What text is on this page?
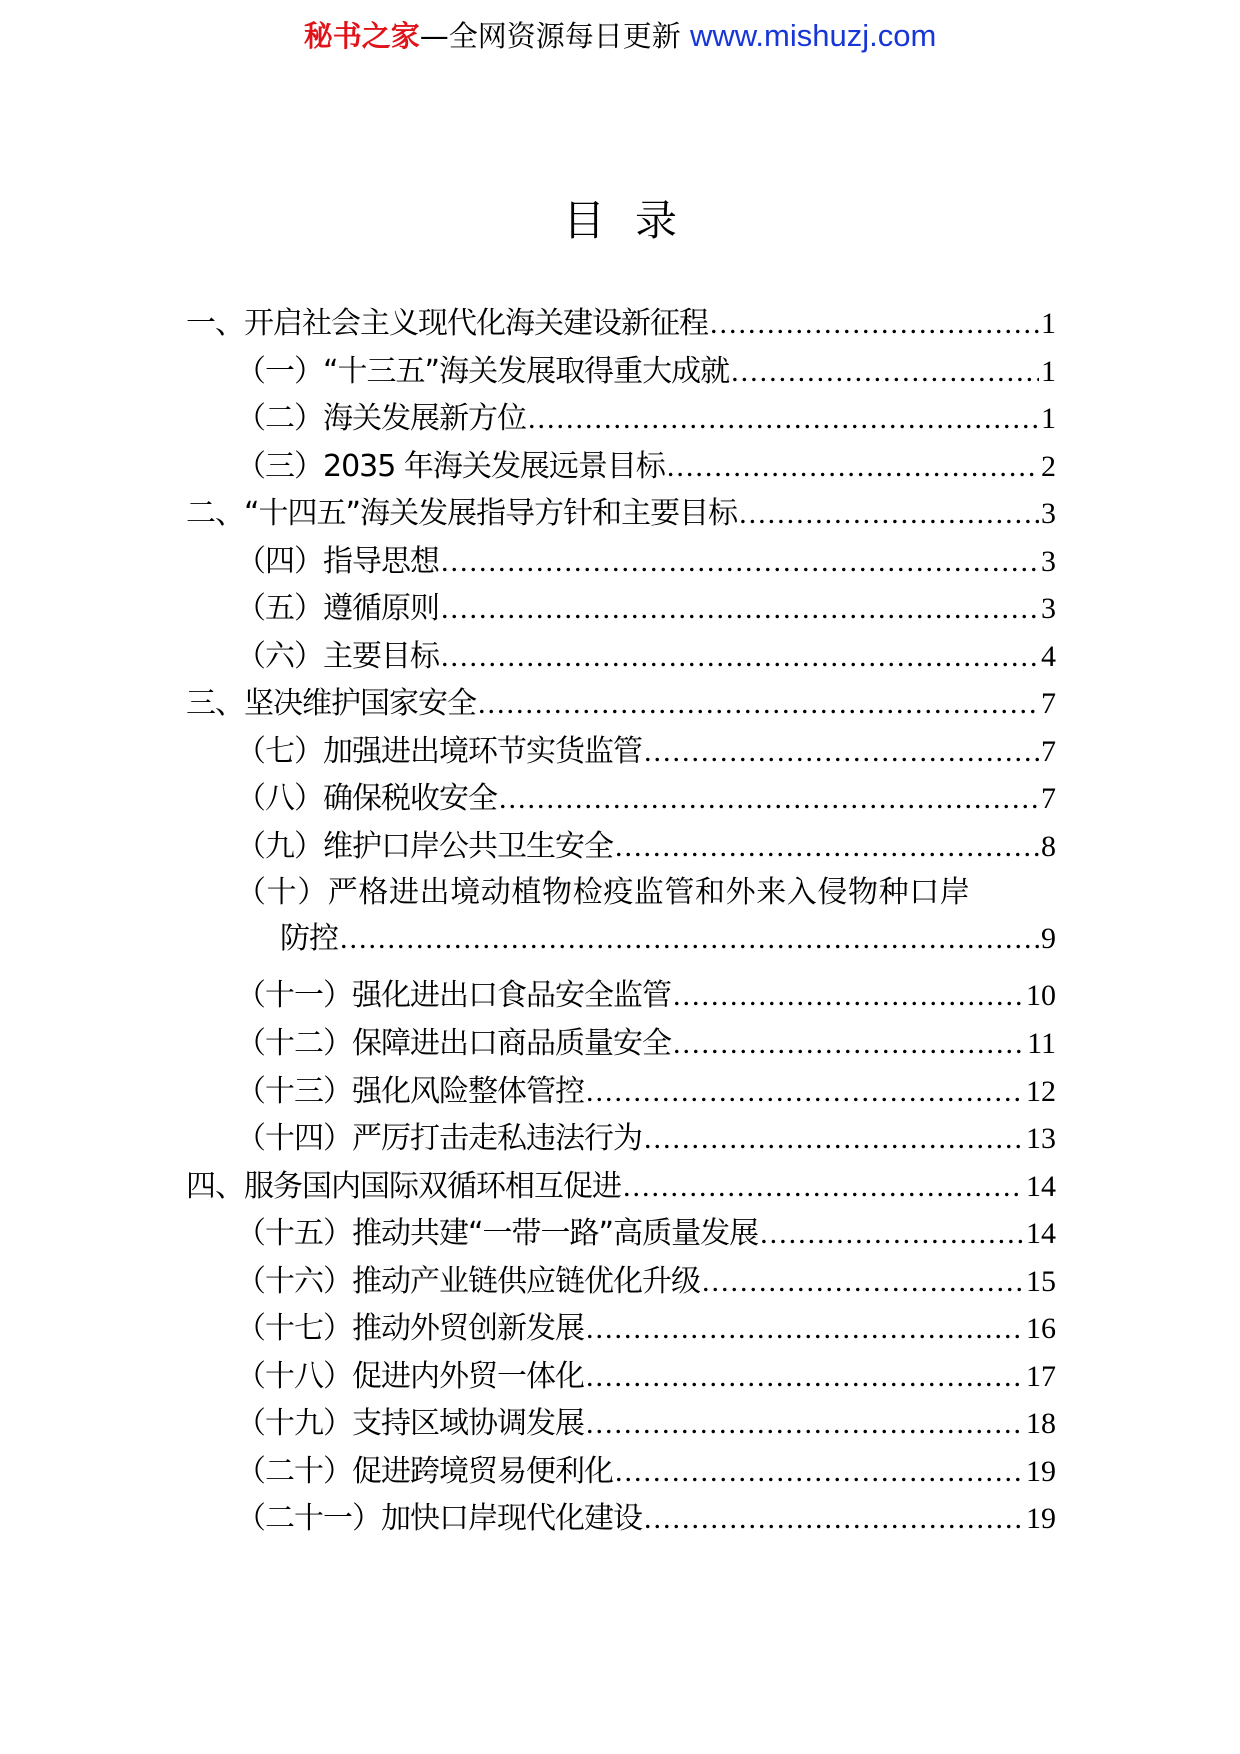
秘书之家—全网资源每日更新 www.mishuzj.com
目录
一、开启社会主义现代化海关建设新征程 .....	1
（一）“十三五”海关发展取得重大成就 .....	1
（二）海关发展新方位 .....	1
（三）2035 年海关发展远景目标 .....	2
二、“十四五”海关发展指导方针和主要目标 .....	3
（四）指导思想 .....	3
（五）遵循原则 .....	3
（六）主要目标 .....	4
三、坚决维护国家安全 .....	7
（七）加强进出境环节实货监管 .....	7
（八）确保税收安全 .....	7
（九）维护口岸公共卫生安全 .....	8
（十）严格进出境动植物检疫监管和外来入侵物种口岸
防控 .....	9
（十一）强化进出口食品安全监管 .....	10
（十二）保障进出口商品质量安全 .....	11
（十三）强化风险整体管控 .....	12
（十四）严厉打击走私违法行为 .....	13
四、服务国内国际双循环相互促进 .....	14
（十五）推动共建“一带一路”高质量发展 .....	14
（十六）推动产业链供应链优化升级 .....	15
（十七）推动外贸创新发展 .....	16
（十八）促进内外贸一体化 .....	17
（十九）支持区域协调发展 .....	18
（二十）促进跨境贸易便利化 .....	19
（二十一）加快口岸现代化建设 .....	19
